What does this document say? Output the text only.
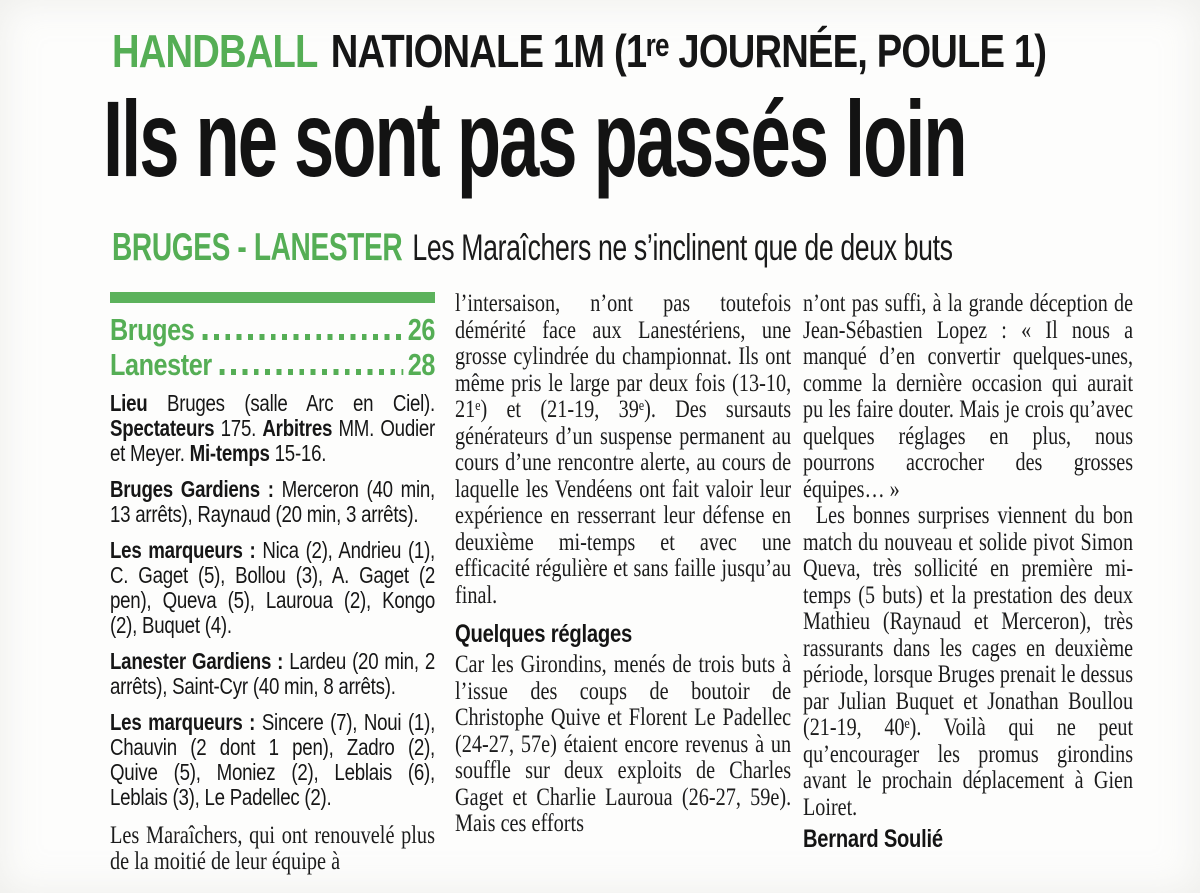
HANDBALL NATIONALE 1M (1ʳᵉ JOURNÉE, POULE 1)
Ils ne sont pas passés loin
BRUGES - LANESTER Les Maraîchers ne s’inclinent que de deux buts
Bruges	26
Lanester	28

Lieu Bruges (salle Arc en Ciel). Spectateurs 175. Arbitres MM. Oudier et Meyer. Mi-temps 15-16.

Bruges Gardiens : Merceron (40 min, 13 arrêts), Raynaud (20 min, 3 arrêts).

Les marqueurs : Nica (2), Andrieu (1), C. Gaget (5), Bollou (3), A. Gaget (2 pen), Queva (5), Lauroua (2), Kongo (2), Buquet (4).

Lanester Gardiens : Lardeu (20 min, 2 arrêts), Saint-Cyr (40 min, 8 arrêts).

Les marqueurs : Sincere (7), Noui (1), Chauvin (2 dont 1 pen), Zadro (2), Quive (5), Moniez (2), Leblais (6), Leblais (3), Le Padellec (2).

Les Maraîchers, qui ont renouvelé plus de la moitié de leur équipe à

l’intersaison, n’ont pas toutefois démérité face aux Lanestériens, une grosse cylindrée du championnat. Ils ont même pris le large par deux fois (13-10, 21ᵉ) et (21-19, 39ᵉ). Des sursauts générateurs d’un suspense permanent au cours d’une rencontre alerte, au cours de laquelle les Vendéens ont fait valoir leur expérience en resserrant leur défense en deuxième mi-temps et avec une efficacité régulière et sans faille jusqu’au final.

Quelques réglages

Car les Girondins, menés de trois buts à l’issue des coups de boutoir de Christophe Quive et Florent Le Padellec (24-27, 57e) étaient encore revenus à un souffle sur deux exploits de Charles Gaget et Charlie Lauroua (26-27, 59e). Mais ces efforts

n’ont pas suffi, à la grande déception de Jean-Sébastien Lopez : « Il nous a manqué d’en convertir quelques-unes, comme la dernière occasion qui aurait pu les faire douter. Mais je crois qu’avec quelques réglages en plus, nous pourrons accrocher des grosses équipes… »

Les bonnes surprises viennent du bon match du nouveau et solide pivot Simon Queva, très sollicité en première mi-temps (5 buts) et la prestation des deux Mathieu (Raynaud et Merceron), très rassurants dans les cages en deuxième période, lorsque Bruges prenait le dessus par Julian Buquet et Jonathan Boullou (21-19, 40ᵉ). Voilà qui ne peut qu’encourager les promus girondins avant le prochain déplacement à Gien Loiret.

Bernard Soulié
